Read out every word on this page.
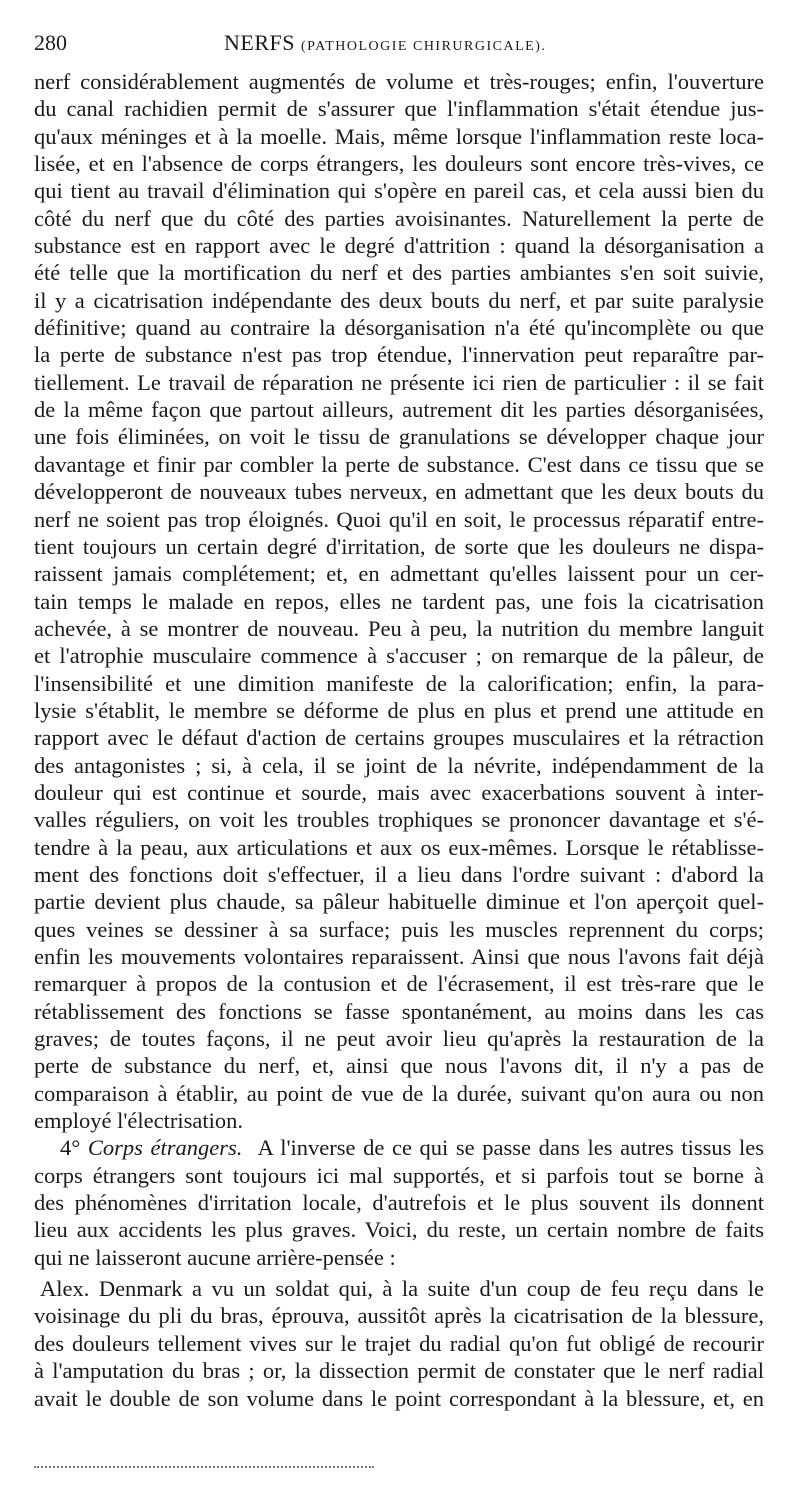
280	NERFS (PATHOLOGIE CHIRURGICALE).
nerf considérablement augmentés de volume et très-rouges; enfin, l'ouverture
du canal rachidien permit de s'assurer que l'inflammation s'était étendue jus-
qu'aux méninges et à la moelle. Mais, même lorsque l'inflammation reste loca-
lisée, et en l'absence de corps étrangers, les douleurs sont encore très-vives, ce
qui tient au travail d'élimination qui s'opère en pareil cas, et cela aussi bien du
côté du nerf que du côté des parties avoisinantes. Naturellement la perte de
substance est en rapport avec le degré d'attrition : quand la désorganisation a
été telle que la mortification du nerf et des parties ambiantes s'en soit suivie,
il y a cicatrisation indépendante des deux bouts du nerf, et par suite paralysie
définitive; quand au contraire la désorganisation n'a été qu'incomplète ou que
la perte de substance n'est pas trop étendue, l'innervation peut reparaître par-
tiellement. Le travail de réparation ne présente ici rien de particulier : il se fait
de la même façon que partout ailleurs, autrement dit les parties désorganisées,
une fois éliminées, on voit le tissu de granulations se développer chaque jour
davantage et finir par combler la perte de substance. C'est dans ce tissu que se
développeront de nouveaux tubes nerveux, en admettant que les deux bouts du
nerf ne soient pas trop éloignés. Quoi qu'il en soit, le processus réparatif entre-
tient toujours un certain degré d'irritation, de sorte que les douleurs ne dispa-
raissent jamais complétement; et, en admettant qu'elles laissent pour un cer-
tain temps le malade en repos, elles ne tardent pas, une fois la cicatrisation
achevée, à se montrer de nouveau. Peu à peu, la nutrition du membre languit
et l'atrophie musculaire commence à s'accuser ; on remarque de la pâleur, de
l'insensibilité et une dimition manifeste de la calorification; enfin, la para-
lysie s'établit, le membre se déforme de plus en plus et prend une attitude en
rapport avec le défaut d'action de certains groupes musculaires et la rétraction
des antagonistes ; si, à cela, il se joint de la névrite, indépendamment de la
douleur qui est continue et sourde, mais avec exacerbations souvent à inter-
valles réguliers, on voit les troubles trophiques se prononcer davantage et s'é-
tendre à la peau, aux articulations et aux os eux-mêmes. Lorsque le rétablisse-
ment des fonctions doit s'effectuer, il a lieu dans l'ordre suivant : d'abord la
partie devient plus chaude, sa pâleur habituelle diminue et l'on aperçoit quel-
ques veines se dessiner à sa surface; puis les muscles reprennent du corps;
enfin les mouvements volontaires reparaissent. Ainsi que nous l'avons fait déjà
remarquer à propos de la contusion et de l'écrasement, il est très-rare que le
rétablissement des fonctions se fasse spontanément, au moins dans les cas
graves; de toutes façons, il ne peut avoir lieu qu'après la restauration de la
perte de substance du nerf, et, ainsi que nous l'avons dit, il n'y a pas de
comparaison à établir, au point de vue de la durée, suivant qu'on aura ou non
employé l'électrisation.
4° Corps étrangers. A l'inverse de ce qui se passe dans les autres tissus les
corps étrangers sont toujours ici mal supportés, et si parfois tout se borne à
des phénomènes d'irritation locale, d'autrefois et le plus souvent ils donnent
lieu aux accidents les plus graves. Voici, du reste, un certain nombre de faits
qui ne laisseront aucune arrière-pensée :
Alex. Denmark a vu un soldat qui, à la suite d'un coup de feu reçu dans le
voisinage du pli du bras, éprouva, aussitôt après la cicatrisation de la blessure,
des douleurs tellement vives sur le trajet du radial qu'on fut obligé de recourir
à l'amputation du bras ; or, la dissection permit de constater que le nerf radial
avait le double de son volume dans le point correspondant à la blessure, et, en
